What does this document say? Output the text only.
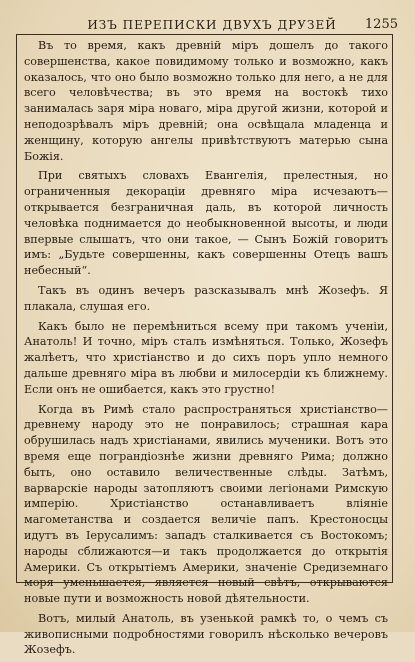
ИЗЪ ПЕРЕПИСКИ ДВУХЪ ДРУЗЕЙ	1255

Въ то время, какъ древній міръ дошелъ до такого совершенства, какое повидимому только и возможно, какъ оказалось, что оно было возможно только для него, а не для всего человѣчества; въ это время на востокѣ тихо занималась заря міра новаго, міра другой жизни, которой и неподозрѣвалъ міръ древній; она освѣщала младенца и женщину, которую ангелы привѣтствуютъ матерью сына Божія.

При святыхъ словахъ Евангелія, прелестныя, но ограниченныя декораціи древняго міра исчезаютъ—открывается безграничная даль, въ которой личность человѣка поднимается до необыкновенной высоты, и люди впервые слышатъ, что они такое, — Сынъ Божій говоритъ имъ: „Будьте совершенны, какъ совершенны Отецъ вашъ небесный“.

Такъ въ одинъ вечеръ разсказывалъ мнѣ Жозефъ. Я плакала, слушая его.

Какъ было не перемѣниться всему при такомъ ученіи, Анатоль! И точно, міръ сталъ измѣняться. Только, Жозефъ жалѣетъ, что христіанство и до сихъ поръ упло немного дальше древняго міра въ любви и милосердіи къ ближнему. Если онъ не ошибается, какъ это грустно!

Когда въ Римѣ стало распространяться христіанство—древнему народу это не понравилось; страшная кара обрушилась надъ христіанами, явились мученики. Вотъ это время еще пограндіознѣе жизни древняго Рима; должно быть, оно оставило величественные слѣды. Затѣмъ, варварскіе народы затопляютъ своими легіонами Римскую имперію. Христіанство останавливаетъ вліяніе магометанства и создается величіе папъ. Крестоносцы идутъ въ Іерусалимъ: западъ сталкивается съ Востокомъ; народы сближаются—и такъ продолжается до открытія Америки. Съ открытіемъ Америки, значеніе Средиземнаго моря уменьшается, является новый свѣтъ, открываются новые пути и возможность новой дѣятельности.

Вотъ, милый Анатоль, въ узенькой рамкѣ то, о чемъ съ живописными подробностями говорилъ нѣсколько вечеровъ Жозефъ.
